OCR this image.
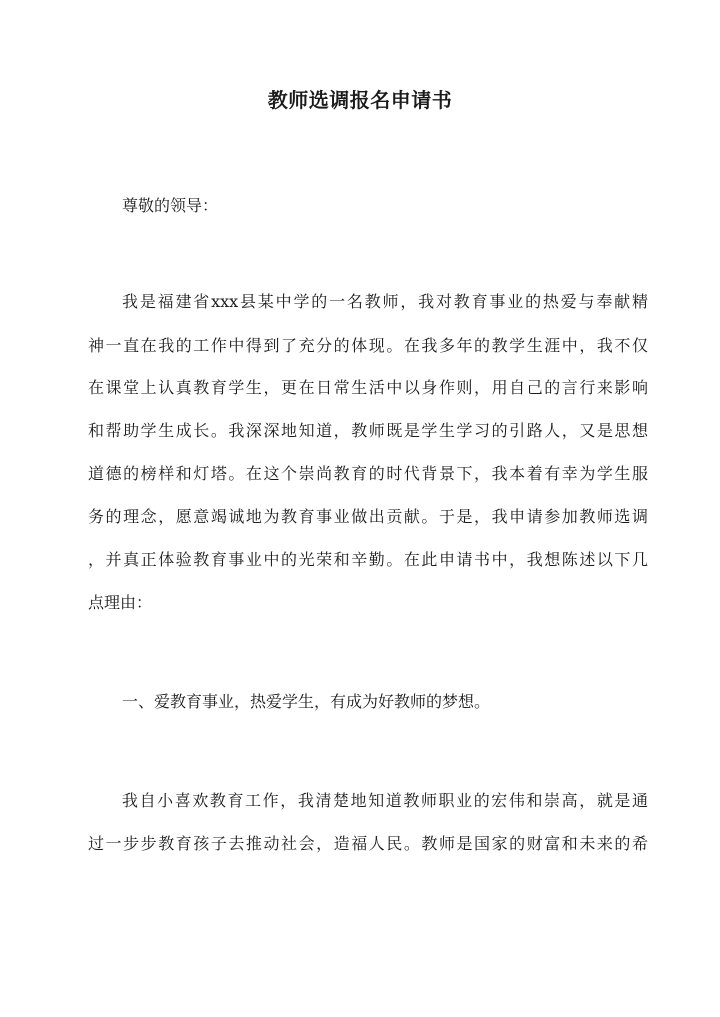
教师选调报名申请书
尊敬的领导：
我是福建省xxx县某中学的一名教师，我对教育事业的热爱与奉献精
神一直在我的工作中得到了充分的体现。在我多年的教学生涯中，我不仅
在课堂上认真教育学生，更在日常生活中以身作则，用自己的言行来影响
和帮助学生成长。我深深地知道，教师既是学生学习的引路人，又是思想
道德的榜样和灯塔。在这个崇尚教育的时代背景下，我本着有幸为学生服
务的理念，愿意竭诚地为教育事业做出贡献。于是，我申请参加教师选调
，并真正体验教育事业中的光荣和辛勤。在此申请书中，我想陈述以下几
点理由：
一、爱教育事业，热爱学生，有成为好教师的梦想。
我自小喜欢教育工作，我清楚地知道教师职业的宏伟和崇高，就是通
过一步步教育孩子去推动社会，造福人民。教师是国家的财富和未来的希
